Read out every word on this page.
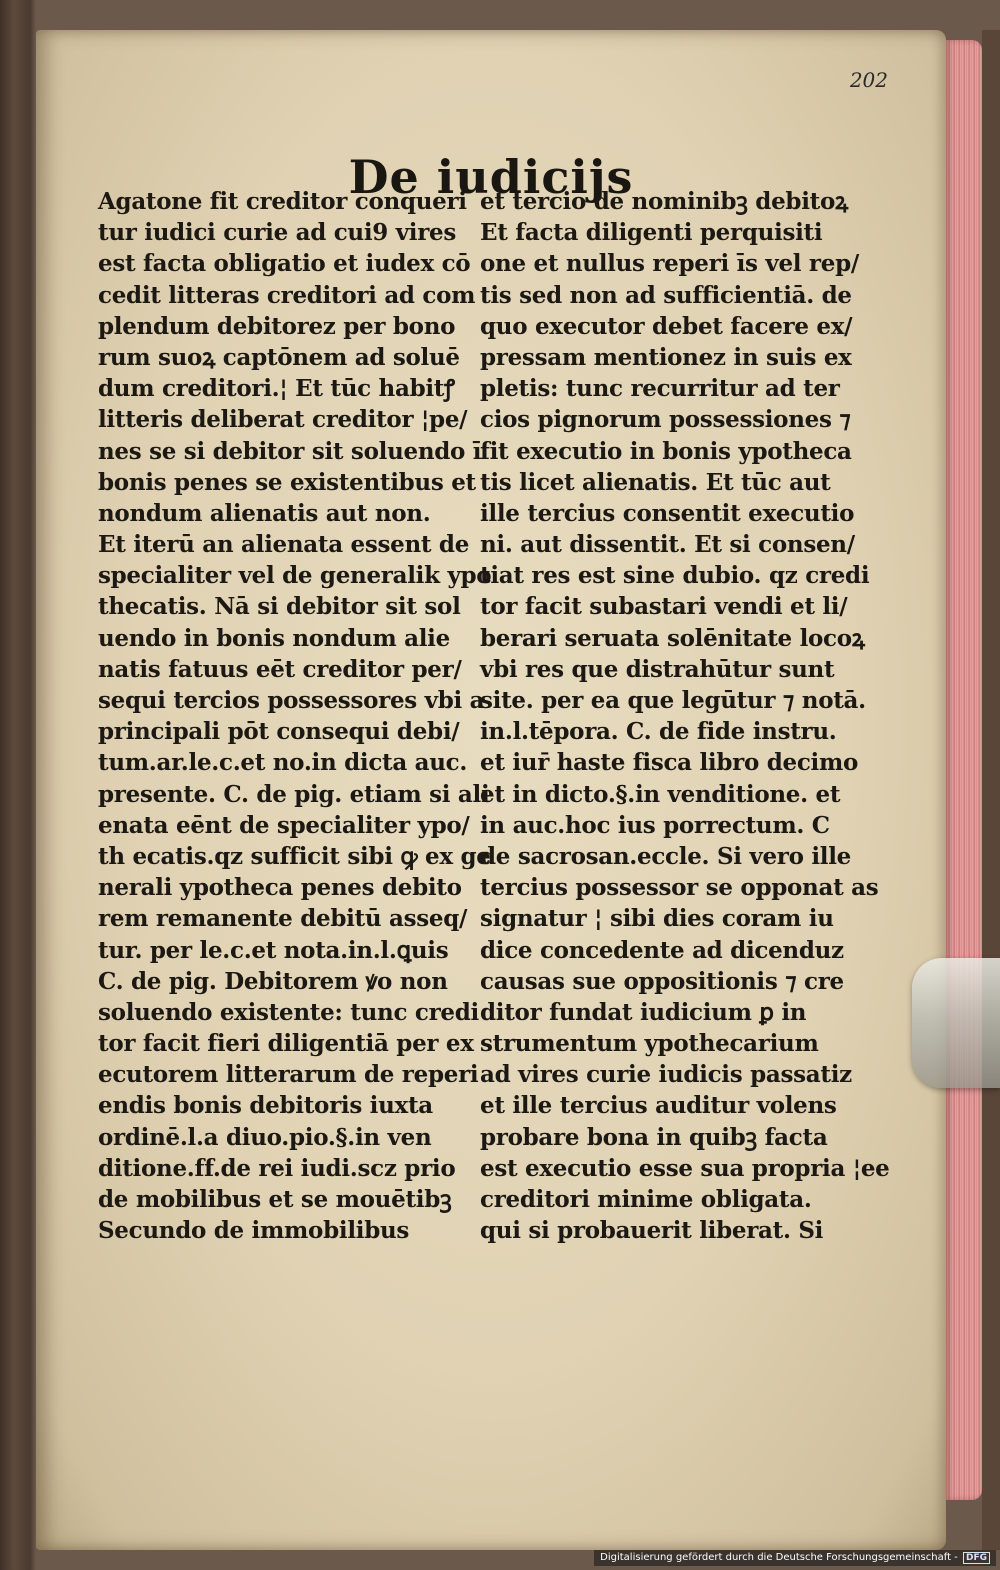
202
De iudicijs
Agatone fit creditor conqueri
tur iudici curie ad cui9 vires
est facta obligatio et iudex cō
cedit litteras creditori ad com
plendum debitorez per bono
rum suoꝝ captōnem ad soluē
dum creditori.¦ Et tūc habitꝭ
litteris deliberat creditor ¦pe/
nes se si debitor sit soluendo ī
bonis penes se existentibus et
nondum alienatis aut non.
Et iterū an alienata essent de
specialiter vel de generalik ypo
thecatis. Nā si debitor sit sol
uendo in bonis nondum alie
natis fatuus eēt creditor per/
sequi tercios possessores vbi a
principali pōt consequi debi/
tum.ar.le.c.et no.in dicta auc.
presente. C. de pig. etiam si ali
enata eēnt de specialiter ypo/
th ecatis.qz sufficit sibi ꝙ ex ge
nerali ypotheca penes debito
rem remanente debitū asseq/
tur. per le.c.et nota.in.l.ꝗuis
C. de pig. Debitorem ꝟo non
soluendo existente: tunc credi
tor facit fieri diligentiā per ex
ecutorem litterarum de reperi
endis bonis debitoris iuxta
ordinē.l.a diuo.pio.§.in ven
ditione.ff.de rei iudi.scz prio
de mobilibus et se mouētibꝫ
Secundo de immobilibus
et tercio de nominibꝫ debitoꝝ
Et facta diligenti perquisiti
one et nullus reperi īs vel rep/
tis sed non ad sufficientiā. de
quo executor debet facere ex/
pressam mentionez in suis ex
pletis: tunc recurritur ad ter
cios pignorum possessiones ⁊
fit executio in bonis ypotheca
tis licet alienatis. Et tūc aut
ille tercius consentit executio
ni. aut dissentit. Et si consen/
tiat res est sine dubio. qz credi
tor facit subastari vendi et li/
berari seruata solēnitate locoꝝ
vbi res que distrahūtur sunt
site. per ea que legūtur ⁊ notā.
in.l.tēpora. C. de fide instru.
et iur̄ haste fisca libro decimo
et in dicto.§.in venditione. et
in auc.hoc ius porrectum. C
de sacrosan.eccle. Si vero ille
tercius possessor se opponat as
signatur ¦ sibi dies coram iu
dice concedente ad dicenduz
causas sue oppositionis ⁊ cre
ditor fundat iudicium ꝑ in
strumentum ypothecarium
ad vires curie iudicis passatiz
et ille tercius auditur volens
probare bona in quibꝫ facta
est executio esse sua propria ¦ee
creditori minime obligata.
qui si probauerit liberat. Si
Digitalisierung gefördert durch die Deutsche Forschungsgemeinschaft - DFG
